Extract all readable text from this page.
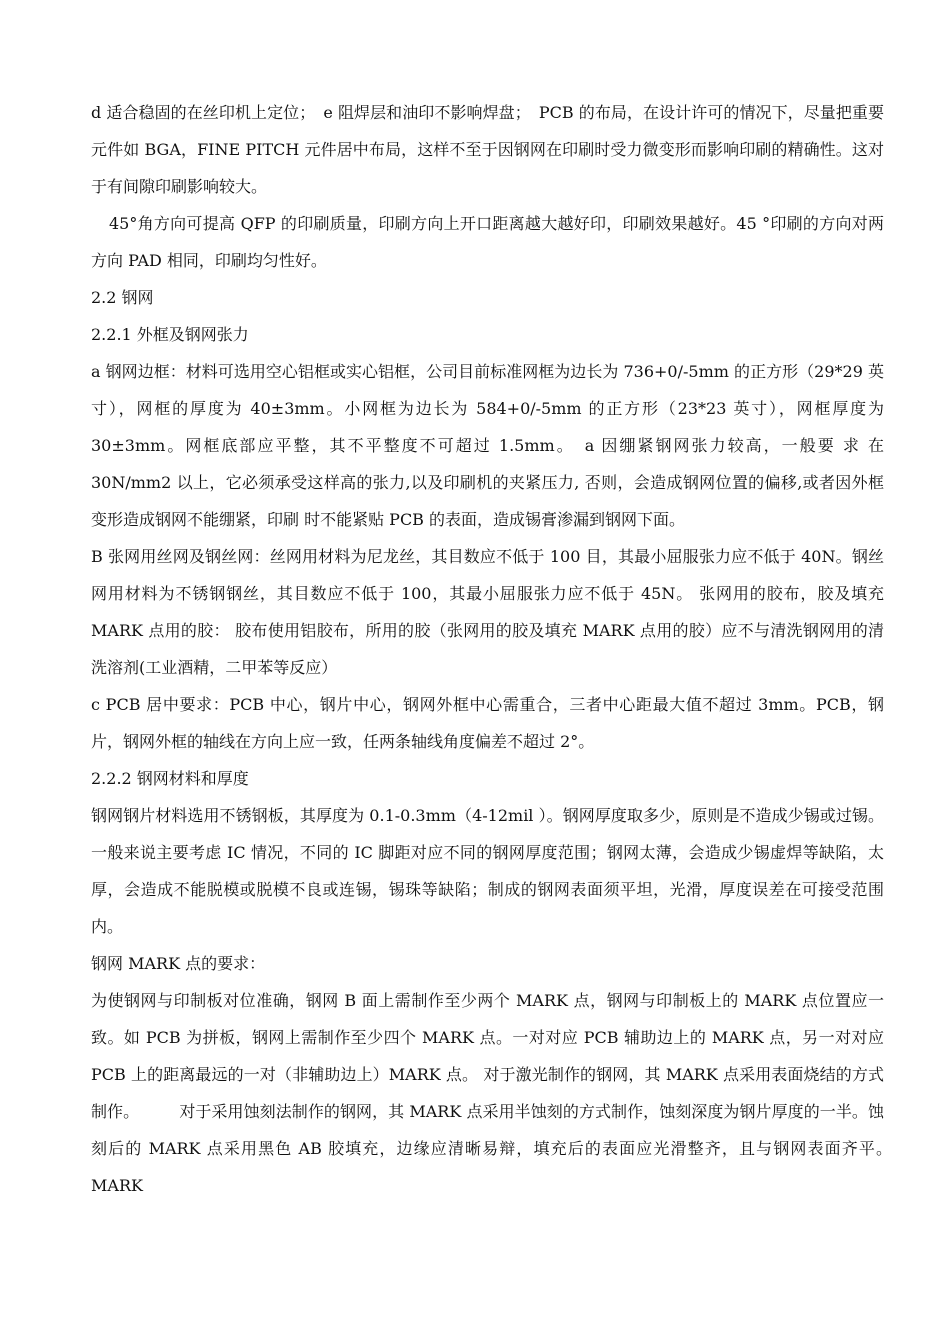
d 适合稳固的在丝印机上定位；　e 阻焊层和油印不影响焊盘；　PCB 的布局，在设计许可的情况下，尽量把重要元件如 BGA，FINE PITCH 元件居中布局，这样不至于因钢网在印刷时受力微变形而影响印刷的精确性。这对于有间隙印刷影响较大。

45°角方向可提高 QFP 的印刷质量，印刷方向上开口距离越大越好印，印刷效果越好。45 °印刷的方向对两方向 PAD 相同，印刷均匀性好。

2.2 钢网

2.2.1 外框及钢网张力

a 钢网边框：材料可选用空心铝框或实心铝框，公司目前标准网框为边长为 736+0/-5mm 的正方形（29*29 英寸），网框的厚度为 40±3mm。小网框为边长为 584+0/-5mm 的正方形（23*23 英寸），网框厚度为 30±3mm。网框底部应平整，其不平整度不可超过 1.5mm。　a 因绷紧钢网张力较高，一般要 求 在 30N/mm2 以上，它必须承受这样高的张力,以及印刷机的夹紧压力, 否则，会造成钢网位置的偏移,或者因外框变形造成钢网不能绷紧，印刷 时不能紧贴 PCB 的表面，造成锡膏渗漏到钢网下面。

B 张网用丝网及钢丝网：丝网用材料为尼龙丝，其目数应不低于 100 目，其最小屈服张力应不低于 40N。钢丝网用材料为不锈钢钢丝，其目数应不低于 100，其最小屈服张力应不低于 45N。 张网用的胶布，胶及填充 MARK 点用的胶： 胶布使用铝胶布，所用的胶（张网用的胶及填充 MARK 点用的胶）应不与清洗钢网用的清洗溶剂(工业酒精，二甲苯等反应）

c PCB 居中要求：PCB 中心，钢片中心，钢网外框中心需重合，三者中心距最大值不超过 3mm。PCB，钢片，钢网外框的轴线在方向上应一致，任两条轴线角度偏差不超过 2°。

2.2.2 钢网材料和厚度

钢网钢片材料选用不锈钢板，其厚度为 0.1-0.3mm（4-12mil ）。钢网厚度取多少，原则是不造成少锡或过锡。一般来说主要考虑 IC 情况，不同的 IC 脚距对应不同的钢网厚度范围；钢网太薄，会造成少锡虚焊等缺陷，太厚，会造成不能脱模或脱模不良或连锡，锡珠等缺陷；制成的钢网表面须平坦，光滑，厚度误差在可接受范围内。

钢网 MARK 点的要求：

为使钢网与印制板对位准确，钢网 B 面上需制作至少两个 MARK 点，钢网与印制板上的 MARK 点位置应一致。如 PCB 为拼板，钢网上需制作至少四个 MARK 点。一对对应 PCB 辅助边上的 MARK 点，另一对对应 PCB 上的距离最远的一对（非辅助边上）MARK 点。 对于激光制作的钢网，其 MARK 点采用表面烧结的方式制作。　　　对于采用蚀刻法制作的钢网，其 MARK 点采用半蚀刻的方式制作，蚀刻深度为钢片厚度的一半。蚀刻后的 MARK 点采用黑色 AB 胶填充，边缘应清晰易辩，填充后的表面应光滑整齐，且与钢网表面齐平。　　MARK
